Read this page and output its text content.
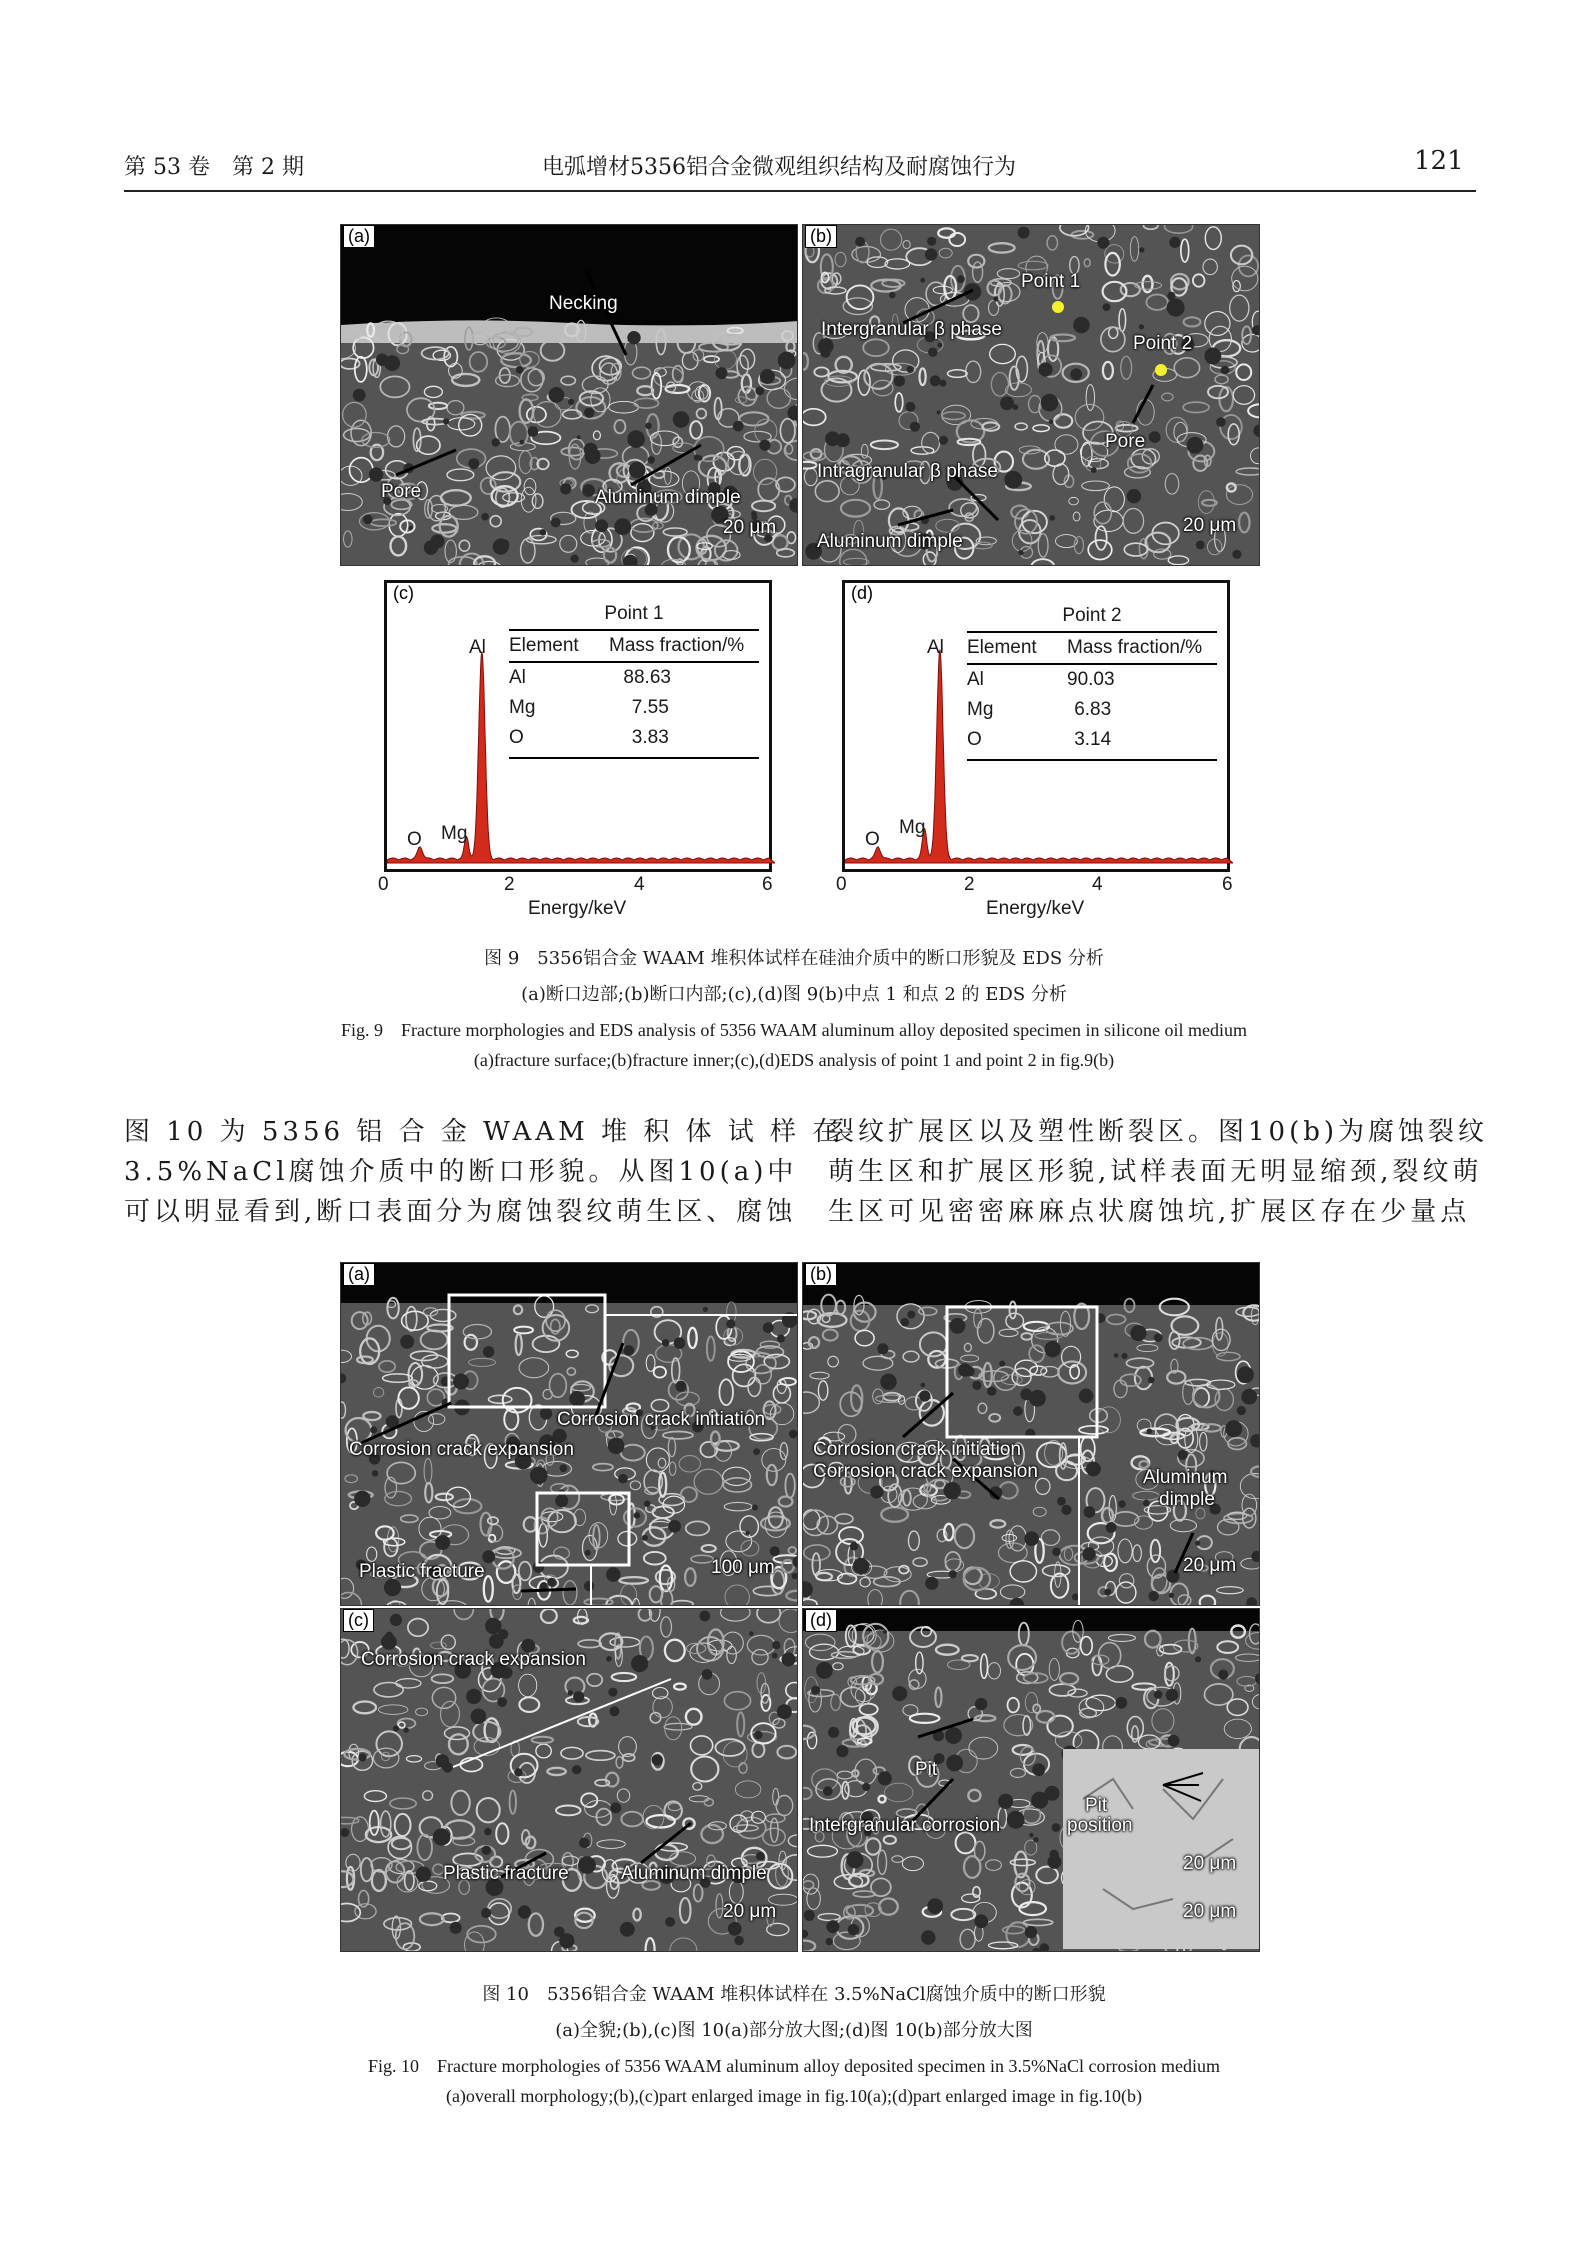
第 53 卷 第 2 期	电弧增材5356铝合金微观组织结构及耐腐蚀行为	121
(a)
Necking
Pore	Aluminum dimple
20 μm
(b)
Point 1
Point 2
Intergranular β phase
Pore
Intragranular β phase
Aluminum dimple
20 μm
(c)
Al
Mg
O
Point 1
Element	Mass fraction/%
Al	88.63
Mg	7.55
O	3.83
0	2	4	6
Energy/keV
(d)
Al
Mg
O
Point 2
Element	Mass fraction/%
Al	90.03
Mg	6.83
O	3.14
0	2	4	6
Energy/keV
图 9　5356铝合金 WAAM 堆积体试样在硅油介质中的断口形貌及 EDS 分析
(a)断口边部;(b)断口内部;(c),(d)图 9(b)中点 1 和点 2 的 EDS 分析
Fig. 9　Fracture morphologies and EDS analysis of 5356 WAAM aluminum alloy deposited specimen in silicone oil medium
(a)fracture surface;(b)fracture inner;(c),(d)EDS analysis of point 1 and point 2 in fig.9(b)
图 10 为 5356 铝 合 金 WAAM 堆 积 体 试 样 在
3.5%NaCl腐蚀介质中的断口形貌。从图10(a)中
可以明显看到,断口表面分为腐蚀裂纹萌生区、腐蚀
裂纹扩展区以及塑性断裂区。图10(b)为腐蚀裂纹
萌生区和扩展区形貌,试样表面无明显缩颈,裂纹萌
生区可见密密麻麻点状腐蚀坑,扩展区存在少量点
(a)
Corrosion crack initiation
Corrosion crack expansion
Plastic fracture	100 μm
(b)
Corrosion crack initiation
Corrosion crack expansion	Aluminum
dimple
20 μm
(c)
Corrosion crack expansion
Plastic fracture	Aluminum dimple
20 μm
(d)
Pit
Intergranular corrosion
Pit
position
20 μm
20 μm
图 10　5356铝合金 WAAM 堆积体试样在 3.5%NaCl腐蚀介质中的断口形貌
(a)全貌;(b),(c)图 10(a)部分放大图;(d)图 10(b)部分放大图
Fig. 10　Fracture morphologies of 5356 WAAM aluminum alloy deposited specimen in 3.5%NaCl corrosion medium
(a)overall morphology;(b),(c)part enlarged image in fig.10(a);(d)part enlarged image in fig.10(b)
